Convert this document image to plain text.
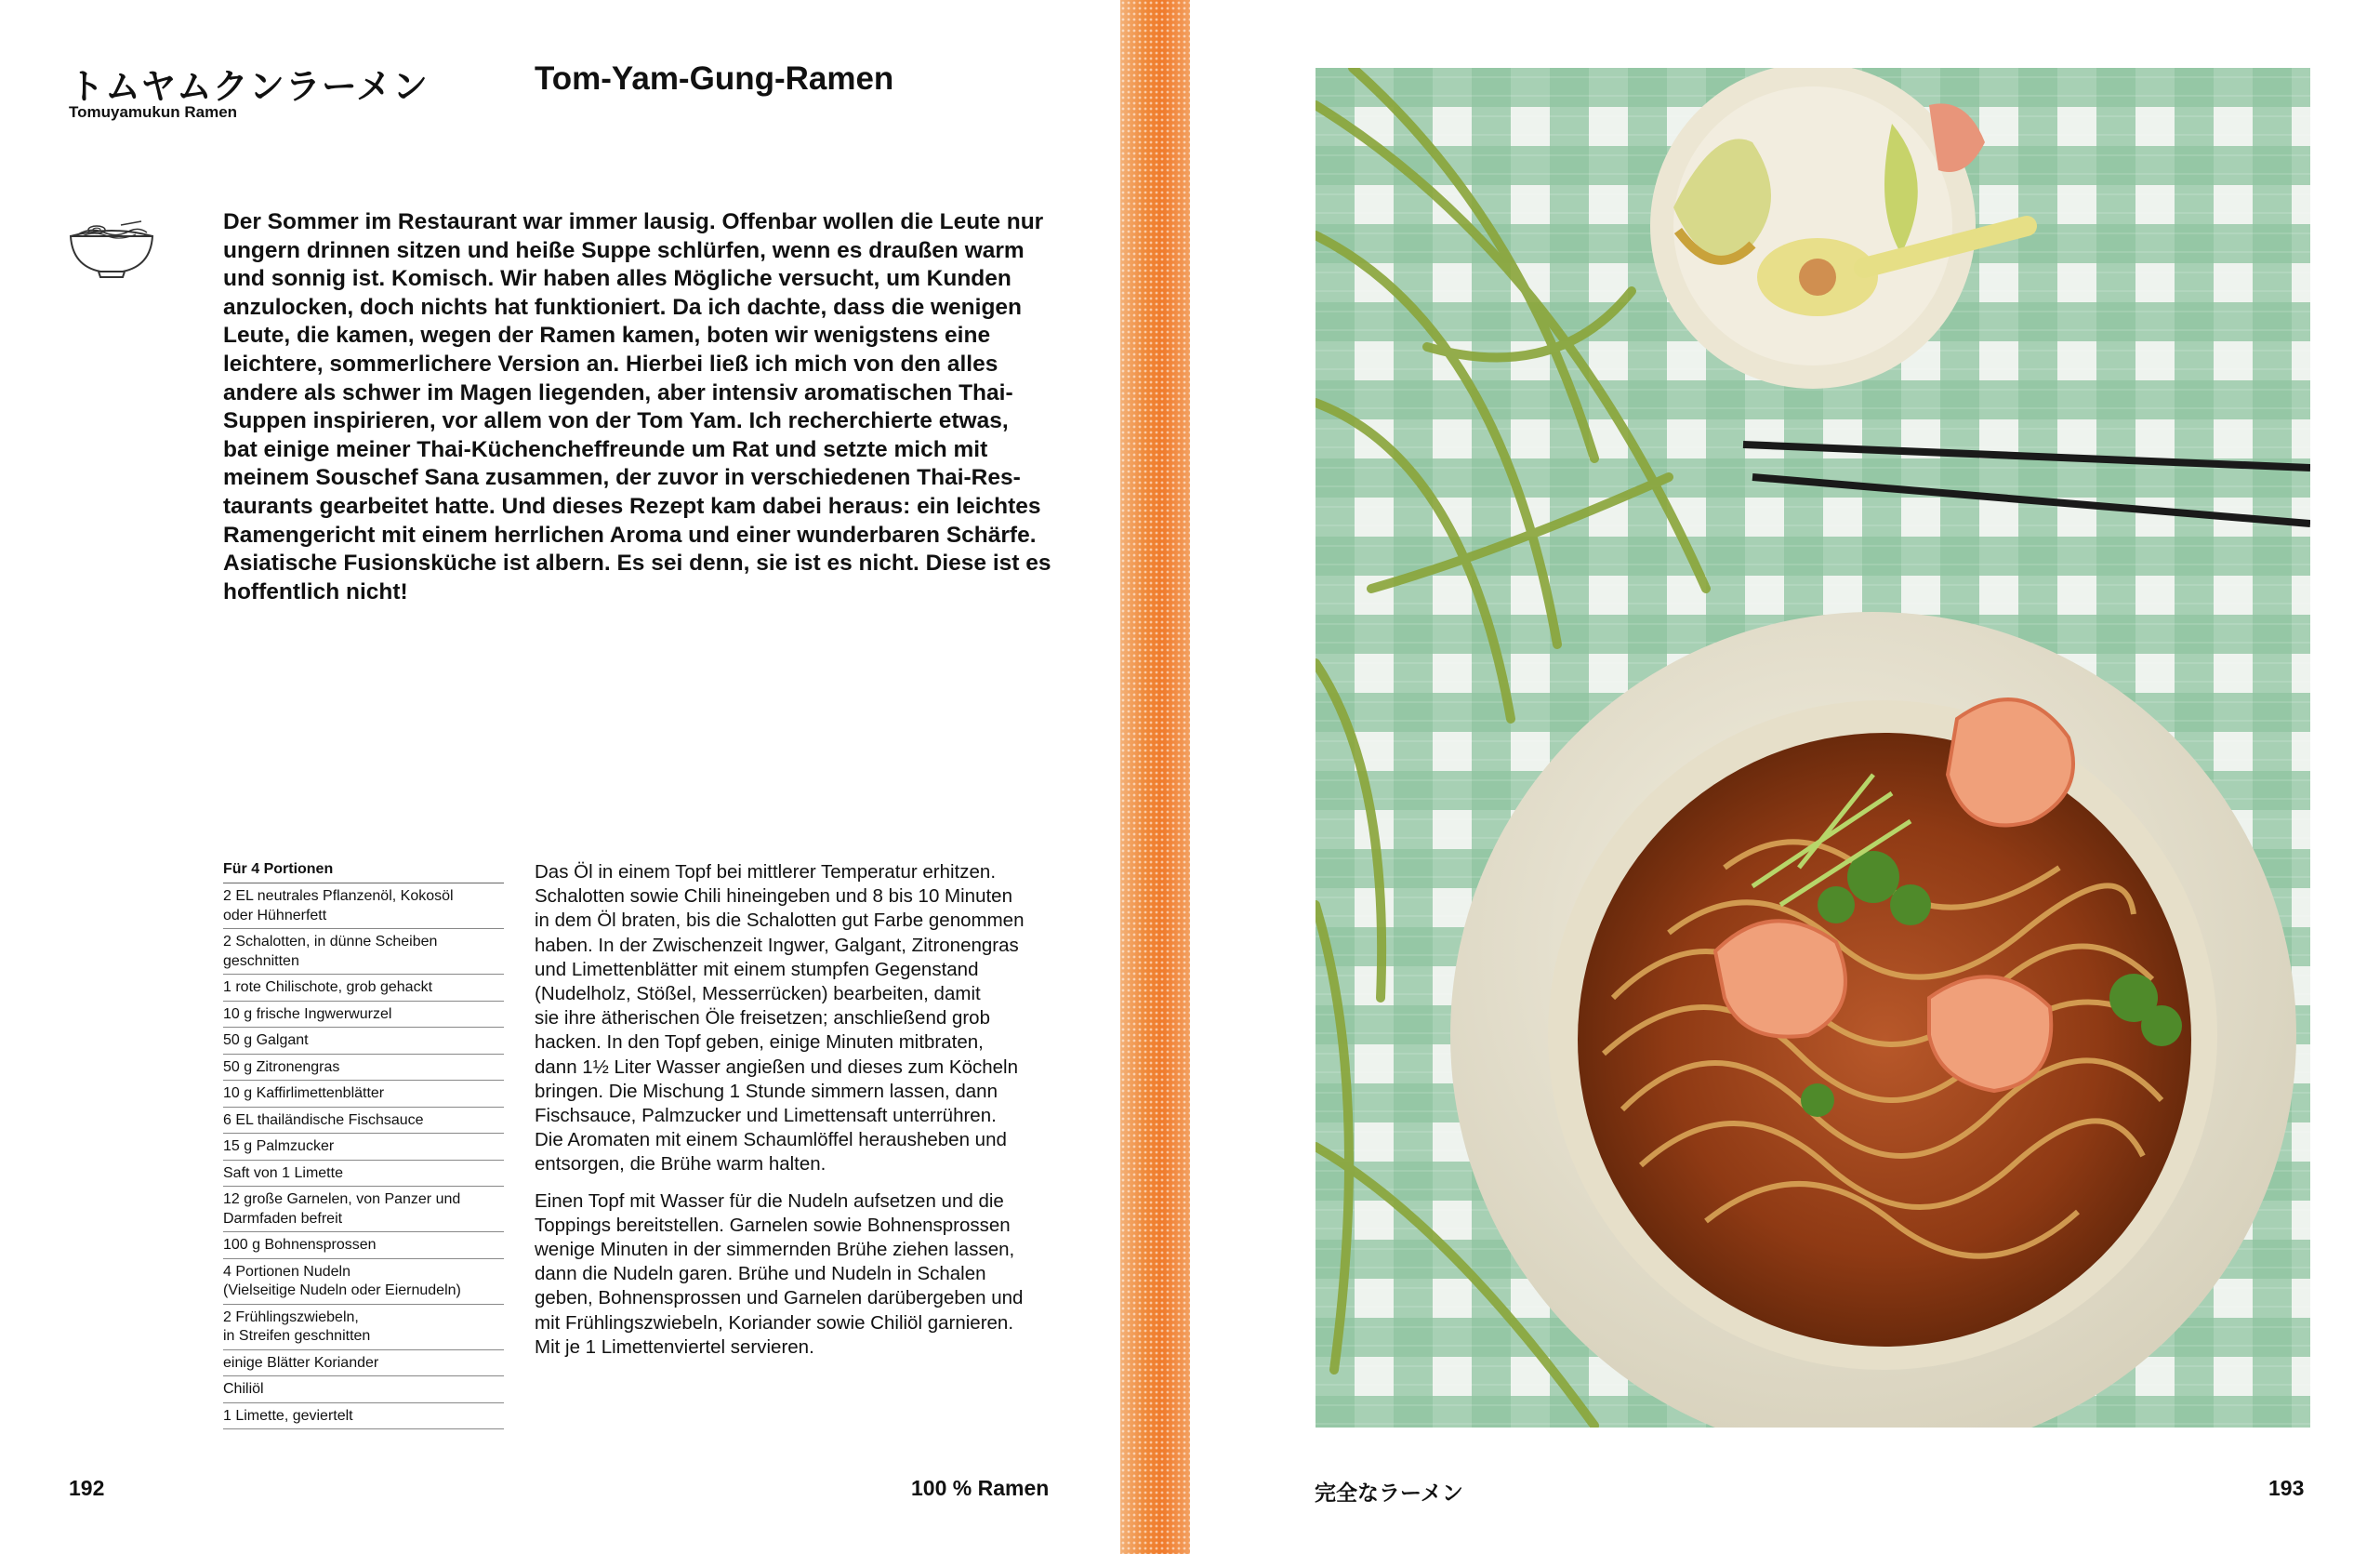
トムヤムクンラーメン
Tomuyamukun Ramen
Tom-Yam-Gung-Ramen

Der Sommer im Restaurant war immer lausig. Offenbar wollen die Leute nur
ungern drinnen sitzen und heiße Suppe schlürfen, wenn es draußen warm
und sonnig ist. Komisch. Wir haben alles Mögliche versucht, um Kunden
anzulocken, doch nichts hat funktioniert. Da ich dachte, dass die wenigen
Leute, die kamen, wegen der Ramen kamen, boten wir wenigstens eine
leichtere, sommerlichere Version an. Hierbei ließ ich mich von den alles
andere als schwer im Magen liegenden, aber intensiv aromatischen Thai-
Suppen inspirieren, vor allem von der Tom Yam. Ich recherchierte etwas,
bat einige meiner Thai-Küchencheffreunde um Rat und setzte mich mit
meinem Souschef Sana zusammen, der zuvor in verschiedenen Thai-Res-
taurants gearbeitet hatte. Und dieses Rezept kam dabei heraus: ein leichtes
Ramengericht mit einem herrlichen Aroma und einer wunderbaren Schärfe.
Asiatische Fusionsküche ist albern. Es sei denn, sie ist es nicht. Diese ist es
hoffentlich nicht!

Für 4 Portionen
2 EL neutrales Pflanzenöl, Kokosöl
oder Hühnerfett
2 Schalotten, in dünne Scheiben
geschnitten
1 rote Chilischote, grob gehackt
10 g frische Ingwerwurzel
50 g Galgant
50 g Zitronengras
10 g Kaffirlimettenblätter
6 EL thailändische Fischsauce
15 g Palmzucker
Saft von 1 Limette
12 große Garnelen, von Panzer und
Darmfaden befreit
100 g Bohnensprossen
4 Portionen Nudeln
(Vielseitige Nudeln oder Eiernudeln)
2 Frühlingszwiebeln,
in Streifen geschnitten
einige Blätter Koriander
Chiliöl
1 Limette, geviertelt

Das Öl in einem Topf bei mittlerer Temperatur erhitzen.
Schalotten sowie Chili hineingeben und 8 bis 10 Minuten
in dem Öl braten, bis die Schalotten gut Farbe genommen
haben. In der Zwischenzeit Ingwer, Galgant, Zitronengras
und Limettenblätter mit einem stumpfen Gegenstand
(Nudelholz, Stößel, Messerrücken) bearbeiten, damit
sie ihre ätherischen Öle freisetzen; anschließend grob
hacken. In den Topf geben, einige Minuten mitbraten,
dann 1½ Liter Wasser angießen und dieses zum Köcheln
bringen. Die Mischung 1 Stunde simmern lassen, dann
Fischsauce, Palmzucker und Limettensaft unterrühren.
Die Aromaten mit einem Schaumlöffel herausheben und
entsorgen, die Brühe warm halten.

Einen Topf mit Wasser für die Nudeln aufsetzen und die
Toppings bereitstellen. Garnelen sowie Bohnensprossen
wenige Minuten in der simmernden Brühe ziehen lassen,
dann die Nudeln garen. Brühe und Nudeln in Schalen
geben, Bohnensprossen und Garnelen darübergeben und
mit Frühlingszwiebeln, Koriander sowie Chiliöl garnieren.
Mit je 1 Limettenviertel servieren.

192	100 % Ramen	完全なラーメン	193
